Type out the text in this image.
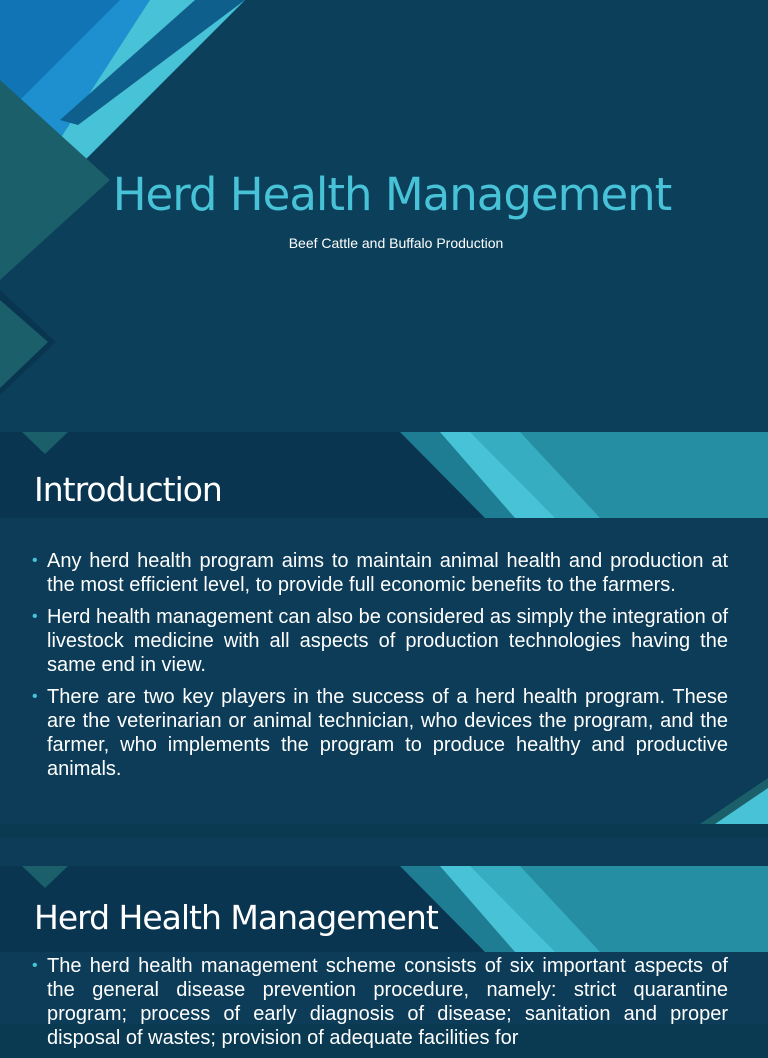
Herd Health Management
Beef Cattle and Buffalo Production
Introduction
• Any herd health program aims to maintain animal health and production at the most efficient level, to provide full economic benefits to the farmers.
• Herd health management can also be considered as simply the integration of livestock medicine with all aspects of production technologies having the same end in view.
• There are two key players in the success of a herd health program. These are the veterinarian or animal technician, who devices the program, and the farmer, who implements the program to produce healthy and productive animals.
Herd Health Management
• The herd health management scheme consists of six important aspects of the general disease prevention procedure, namely: strict quarantine program; process of early diagnosis of disease; sanitation and proper disposal of wastes; provision of adequate facilities for
